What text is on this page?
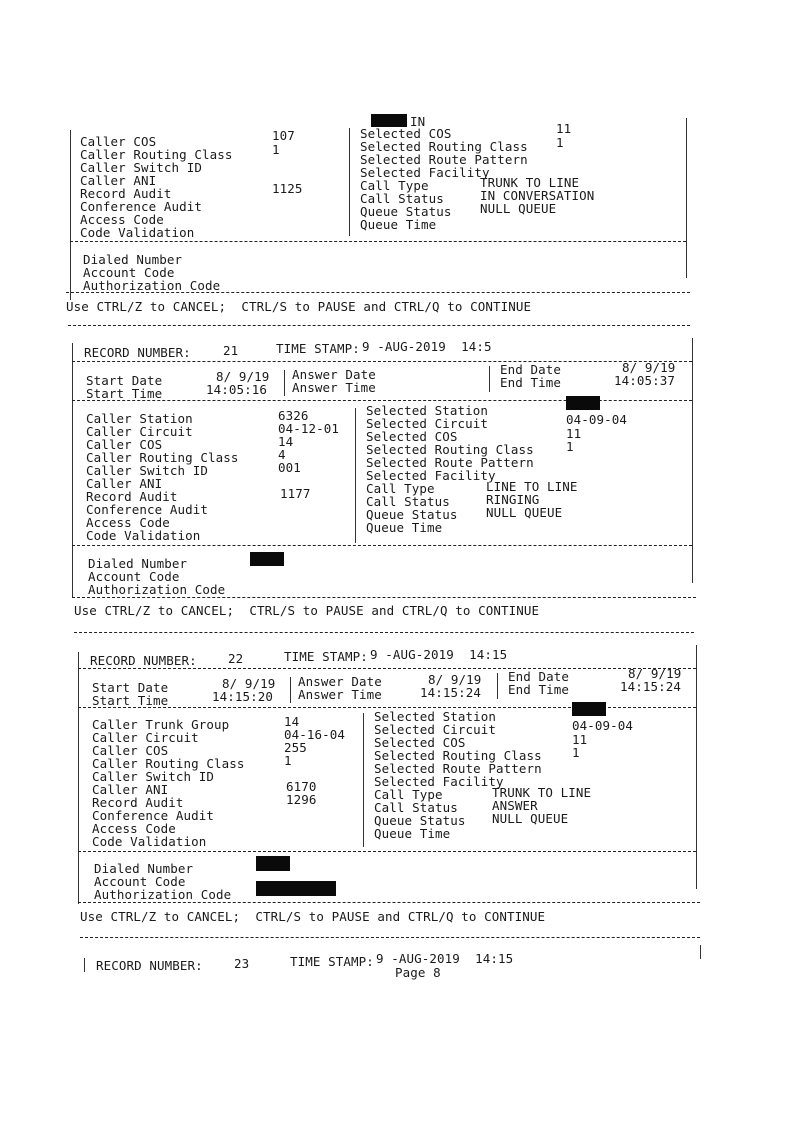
IN
Caller COS	107
Caller Routing Class	1
Caller Switch ID
Caller ANI
Record Audit	1125
Conference Audit
Access Code
Code Validation
Selected COS	11
Selected Routing Class 1
Selected Route Pattern
Selected Facility
Call Type	TRUNK TO LINE
Call Status	IN CONVERSATION
Queue Status NULL QUEUE
Queue Time
Dialed Number
Account Code
Authorization Code
Use CTRL/Z to CANCEL;  CTRL/S to PAUSE and CTRL/Q to CONTINUE
RECORD NUMBER:	21	TIME STAMP: 9 -AUG-2019  14:5
Start Date	8/ 9/19
Start Time	14:05:16
Answer Date
Answer Time
End Date	8/ 9/19
End Time	14:05:37
Caller Station	6326
Caller Circuit	04-12-01
Caller COS	14
Caller Routing Class	4
Caller Switch ID	001
Caller ANI
Record Audit	1177
Conference Audit
Access Code
Code Validation
Selected Station
Selected Circuit	04-09-04
Selected COS	11
Selected Routing Class	1
Selected Route Pattern
Selected Facility
Call Type	LINE TO LINE
Call Status	RINGING
Queue Status NULL QUEUE
Queue Time
Dialed Number
Account Code
Authorization Code
Use CTRL/Z to CANCEL;  CTRL/S to PAUSE and CTRL/Q to CONTINUE
RECORD NUMBER: 22	TIME STAMP: 9 -AUG-2019  14:15
Start Date	8/ 9/19
Start Time	14:15:20
Answer Date	8/ 9/19
Answer Time	14:15:24
End Date	8/ 9/19
End Time	14:15:24
Caller Trunk Group	14
Caller Circuit	04-16-04
Caller COS	255
Caller Routing Class	1
Caller Switch ID
Caller ANI	6170
Record Audit	1296
Conference Audit
Access Code
Code Validation
Selected Station
Selected Circuit	04-09-04
Selected COS	11
Selected Routing Class 1
Selected Route Pattern
Selected Facility
Call Type	TRUNK TO LINE
Call Status	ANSWER
Queue Status NULL QUEUE
Queue Time
Dialed Number
Account Code
Authorization Code
Use CTRL/Z to CANCEL;  CTRL/S to PAUSE and CTRL/Q to CONTINUE
RECORD NUMBER: 23	TIME STAMP: 9 -AUG-2019  14:15
Page 8
